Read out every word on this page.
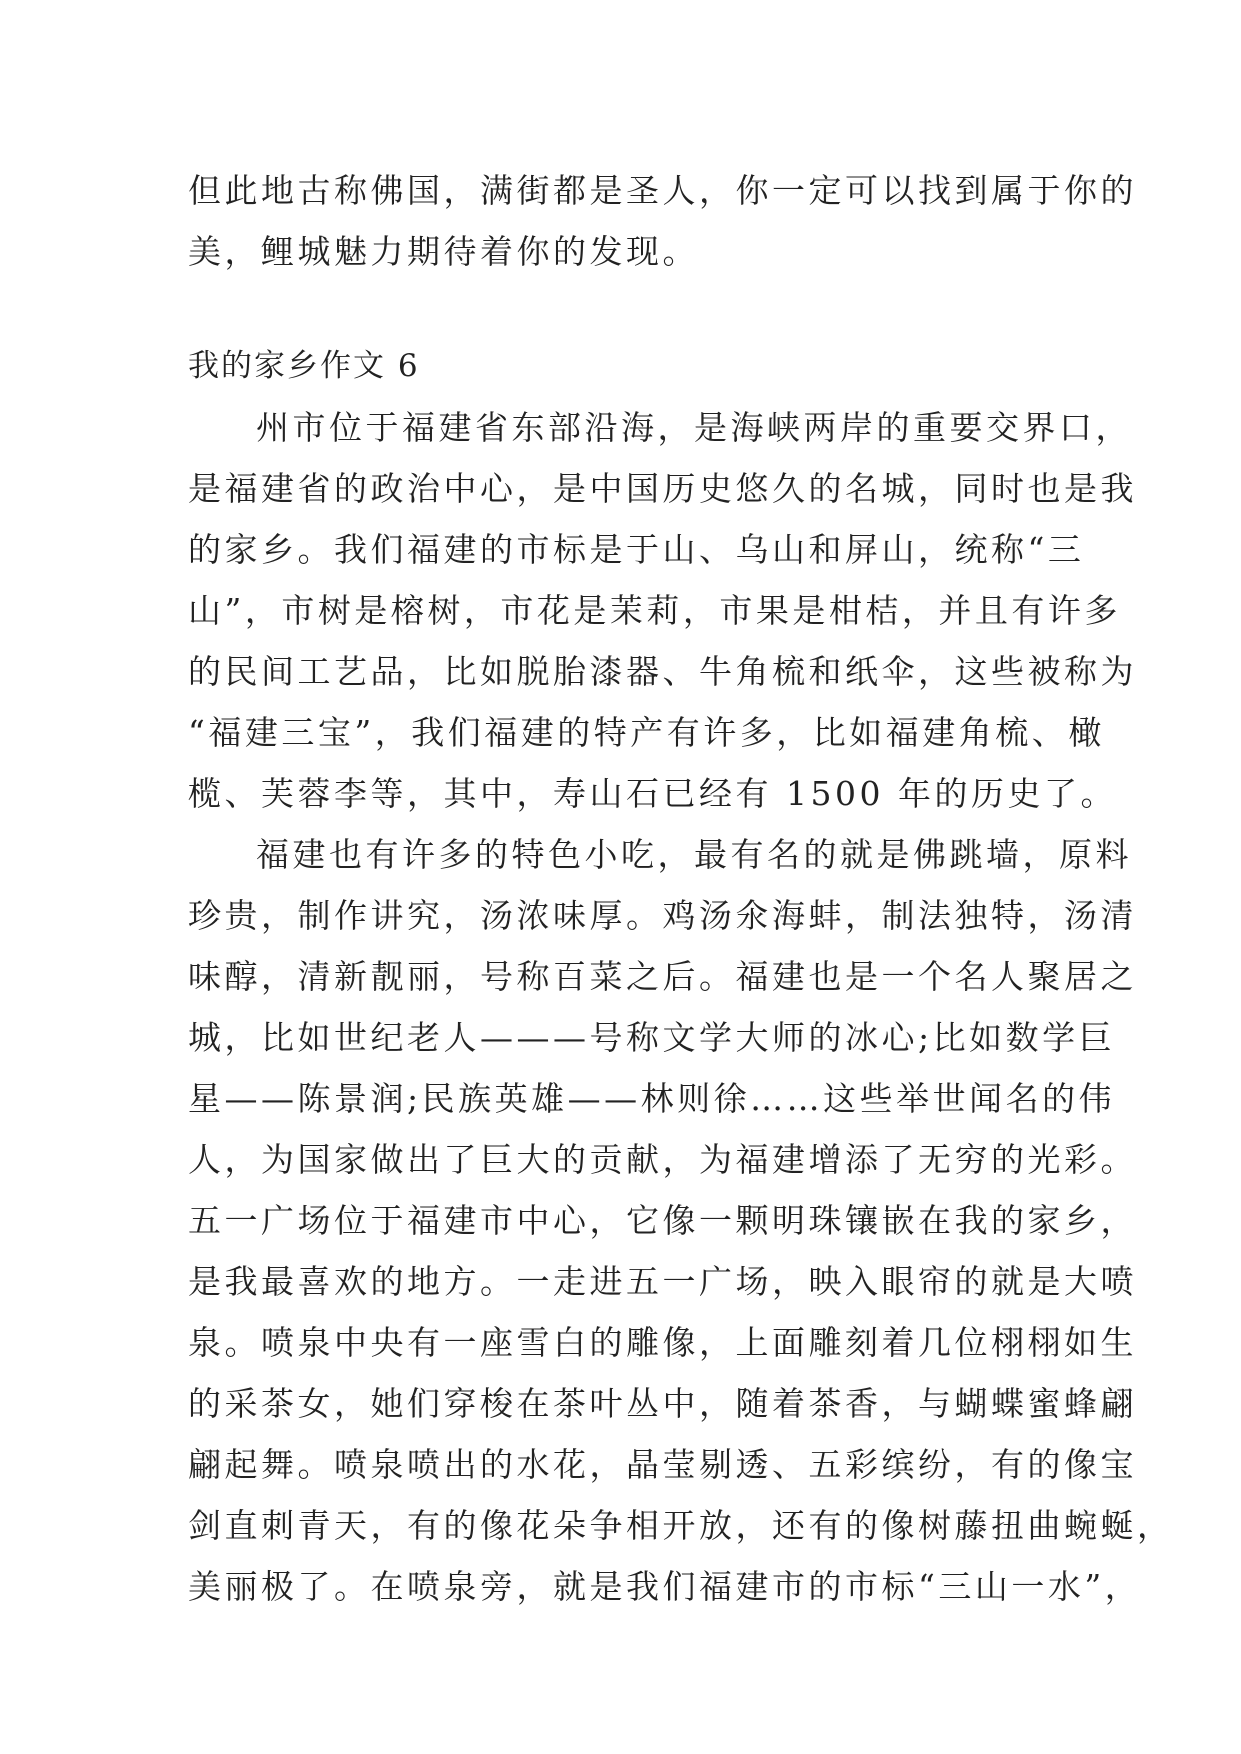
但此地古称佛国，满街都是圣人，你一定可以找到属于你的
美，鲤城魅力期待着你的发现。
我的家乡作文 6
州市位于福建省东部沿海，是海峡两岸的重要交界口，
是福建省的政治中心，是中国历史悠久的名城，同时也是我
的家乡。我们福建的市标是于山、乌山和屏山，统称“三
山”，市树是榕树，市花是茉莉，市果是柑桔，并且有许多
的民间工艺品，比如脱胎漆器、牛角梳和纸伞，这些被称为
“福建三宝”，我们福建的特产有许多，比如福建角梳、橄
榄、芙蓉李等，其中，寿山石已经有 1500 年的历史了。
福建也有许多的特色小吃，最有名的就是佛跳墙，原料
珍贵，制作讲究，汤浓味厚。鸡汤氽海蚌，制法独特，汤清
味醇，清新靓丽，号称百菜之后。福建也是一个名人聚居之
城，比如世纪老人———号称文学大师的冰心;比如数学巨
星——陈景润;民族英雄——林则徐……这些举世闻名的伟
人，为国家做出了巨大的贡献，为福建增添了无穷的光彩。
五一广场位于福建市中心，它像一颗明珠镶嵌在我的家乡，
是我最喜欢的地方。一走进五一广场，映入眼帘的就是大喷
泉。喷泉中央有一座雪白的雕像，上面雕刻着几位栩栩如生
的采茶女，她们穿梭在茶叶丛中，随着茶香，与蝴蝶蜜蜂翩
翩起舞。喷泉喷出的水花，晶莹剔透、五彩缤纷，有的像宝
剑直刺青天，有的像花朵争相开放，还有的像树藤扭曲蜿蜒，
美丽极了。在喷泉旁，就是我们福建市的市标“三山一水”，
